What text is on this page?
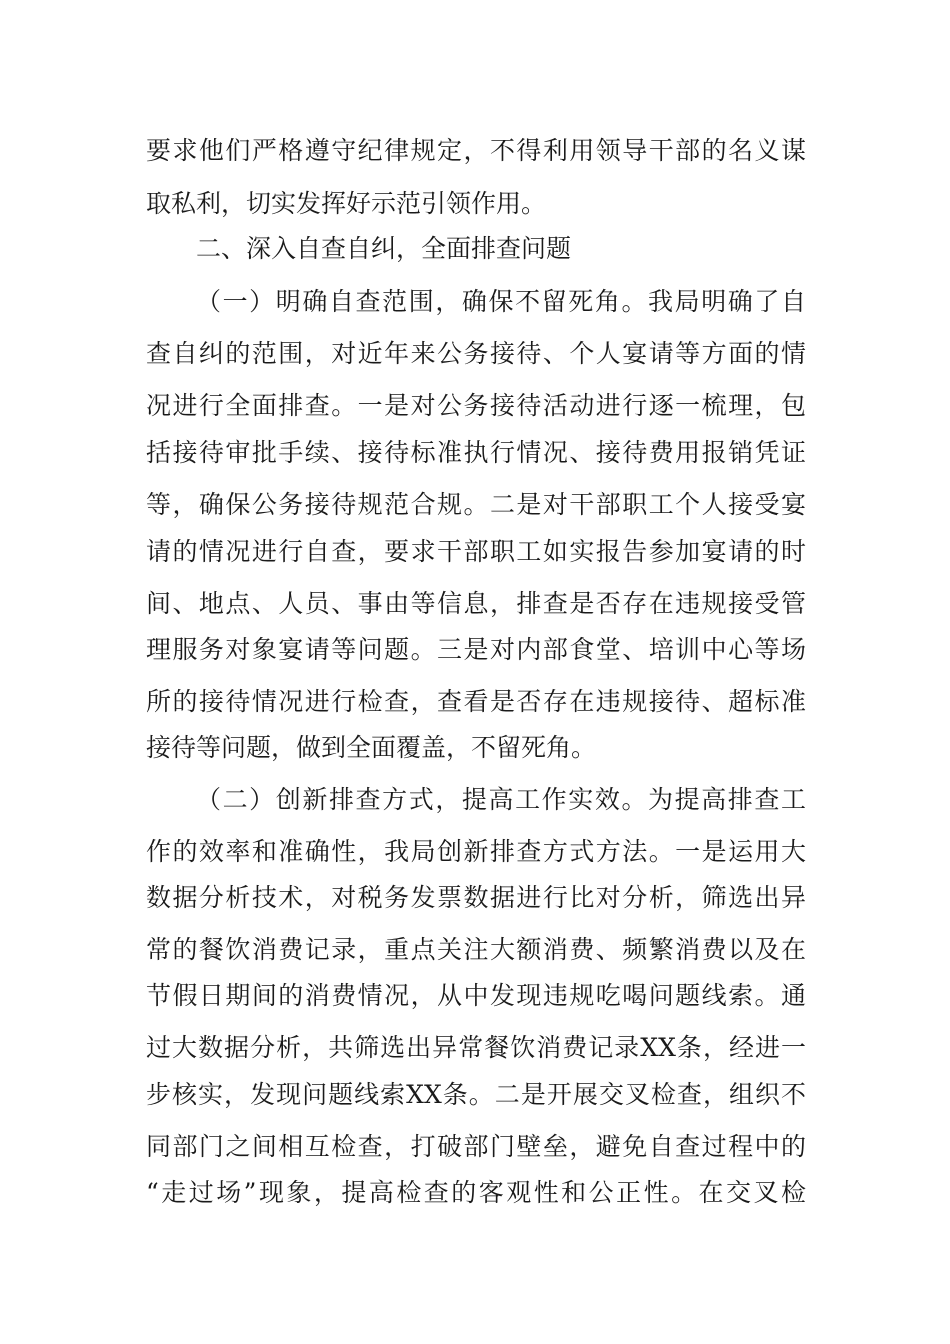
要求他们严格遵守纪律规定，不得利用领导干部的名义谋
取私利，切实发挥好示范引领作用。
二、深入自查自纠，全面排查问题
（一）明确自查范围，确保不留死角。我局明确了自
查自纠的范围，对近年来公务接待、个人宴请等方面的情
况进行全面排查。一是对公务接待活动进行逐一梳理，包
括接待审批手续、接待标准执行情况、接待费用报销凭证
等，确保公务接待规范合规。二是对干部职工个人接受宴
请的情况进行自查，要求干部职工如实报告参加宴请的时
间、地点、人员、事由等信息，排查是否存在违规接受管
理服务对象宴请等问题。三是对内部食堂、培训中心等场
所的接待情况进行检查，查看是否存在违规接待、超标准
接待等问题，做到全面覆盖，不留死角。
（二）创新排查方式，提高工作实效。为提高排查工
作的效率和准确性，我局创新排查方式方法。一是运用大
数据分析技术，对税务发票数据进行比对分析，筛选出异
常的餐饮消费记录，重点关注大额消费、频繁消费以及在
节假日期间的消费情况，从中发现违规吃喝问题线索。通
过大数据分析，共筛选出异常餐饮消费记录XX条，经进一
步核实，发现问题线索XX条。二是开展交叉检查，组织不
同部门之间相互检查，打破部门壁垒，避免自查过程中的
“走过场”现象，提高检查的客观性和公正性。在交叉检
